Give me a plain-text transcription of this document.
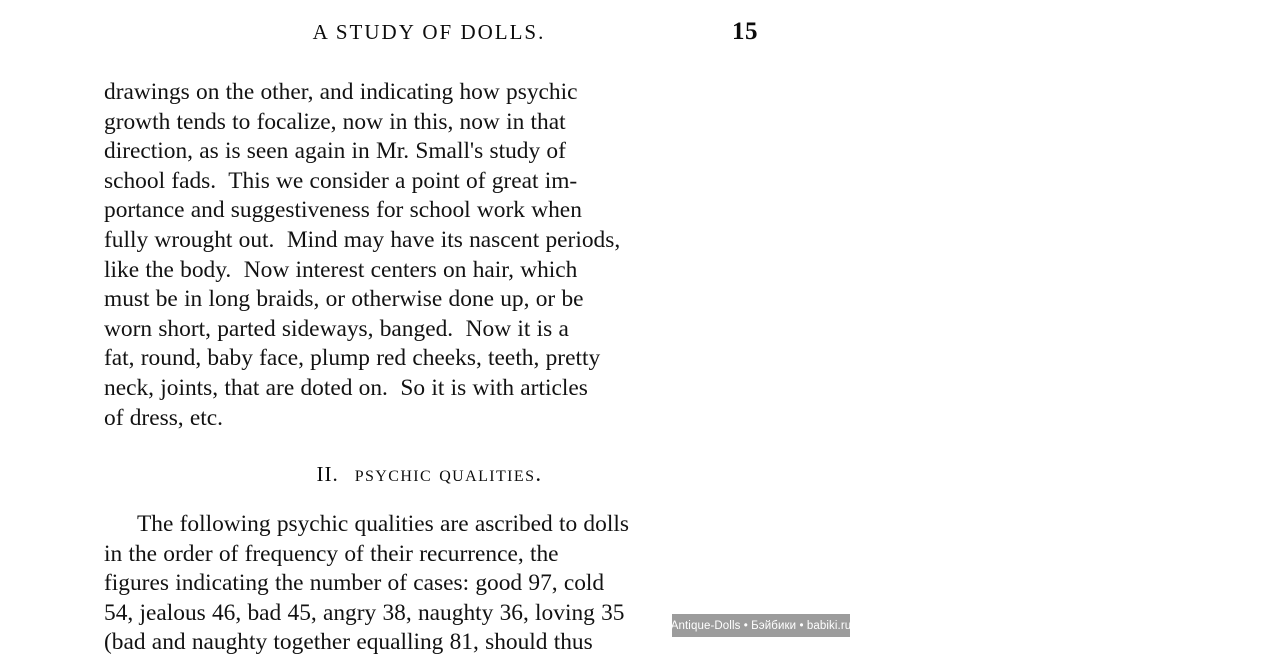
A STUDY OF DOLLS.	15

drawings on the other, and indicating how psychic
growth tends to focalize, now in this, now in that
direction, as is seen again in Mr. Small's study of
school fads.  This we consider a point of great im-
portance and suggestiveness for school work when
fully wrought out.  Mind may have its nascent periods,
like the body.  Now interest centers on hair, which
must be in long braids, or otherwise done up, or be
worn short, parted sideways, banged.  Now it is a
fat, round, baby face, plump red cheeks, teeth, pretty
neck, joints, that are doted on.  So it is with articles
of dress, etc.

II. psychic qualities.

The following psychic qualities are ascribed to dolls
in the order of frequency of their recurrence, the
figures indicating the number of cases: good 97, cold
54, jealous 46, bad 45, angry 38, naughty 36, loving 35
(bad and naughty together equalling 81, should thus

Antique-Dolls • Бэйбики • babiki.ru
